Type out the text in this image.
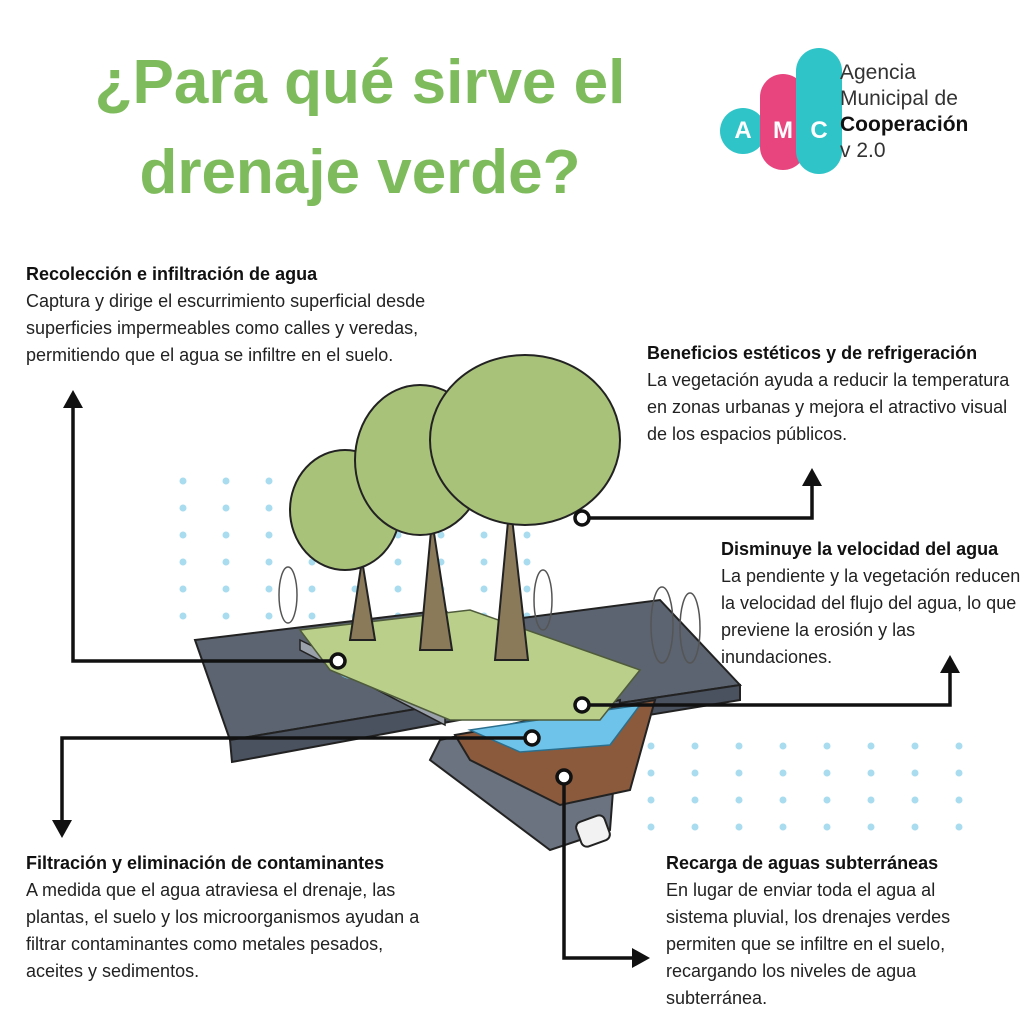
¿Para qué sirve el
drenaje verde?
A M C
Agencia
Municipal de
Cooperación
v 2.0
Recolección e infiltración de agua

Captura y dirige el escurrimiento superficial desde superficies impermeables como calles y veredas, permitiendo que el agua se infiltre en el suelo.	Beneficios estéticos y de refrigeración

La vegetación ayuda a reducir la temperatura en zonas urbanas y mejora el atractivo visual de los espacios públicos.

Disminuye la velocidad del agua

La pendiente y la vegetación reducen la velocidad del flujo del agua, lo que previene la erosión y las inundaciones.

Filtración y eliminación de contaminantes

A medida que el agua atraviesa el drenaje, las plantas, el suelo y los microorganismos ayudan a filtrar contaminantes como metales pesados, aceites y sedimentos.

Recarga de aguas subterráneas

En lugar de enviar toda el agua al sistema pluvial, los drenajes verdes permiten que se infiltre en el suelo, recargando los niveles de agua subterránea.
